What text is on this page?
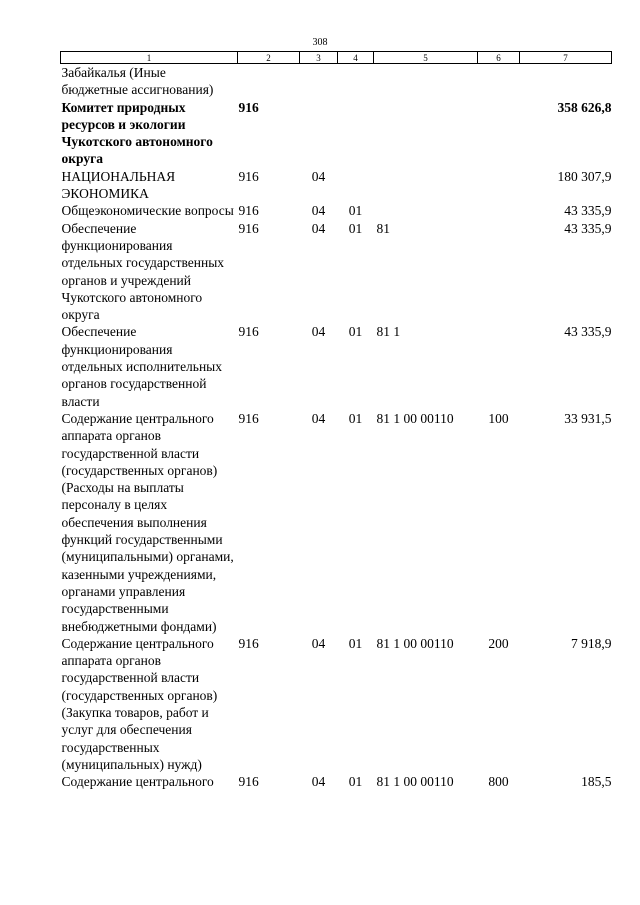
308
1	2	3	4	5	6	7
Забайкалья (Иные бюджетные ассигнования)						
Комитет природных ресурсов и экологии Чукотского автономного округа	916					358 626,8
НАЦИОНАЛЬНАЯ ЭКОНОМИКА	916	04				180 307,9
Общеэкономические вопросы	916	04	01			43 335,9
Обеспечение функционирования отдельных государственных органов и учреждений Чукотского автономного округа	916	04	01	81		43 335,9
Обеспечение функционирования отдельных исполнительных органов государственной власти	916	04	01	81 1		43 335,9
Содержание центрального аппарата органов государственной власти (государственных органов) (Расходы на выплаты персоналу в целях обеспечения выполнения функций государственными (муниципальными) органами, казенными учреждениями, органами управления государственными внебюджетными фондами)	916	04	01	81 1 00 00110	100	33 931,5
Содержание центрального аппарата органов государственной власти (государственных органов) (Закупка товаров, работ и услуг для обеспечения государственных (муниципальных) нужд)	916	04	01	81 1 00 00110	200	7 918,9
Содержание центрального	916	04	01	81 1 00 00110	800	185,5
